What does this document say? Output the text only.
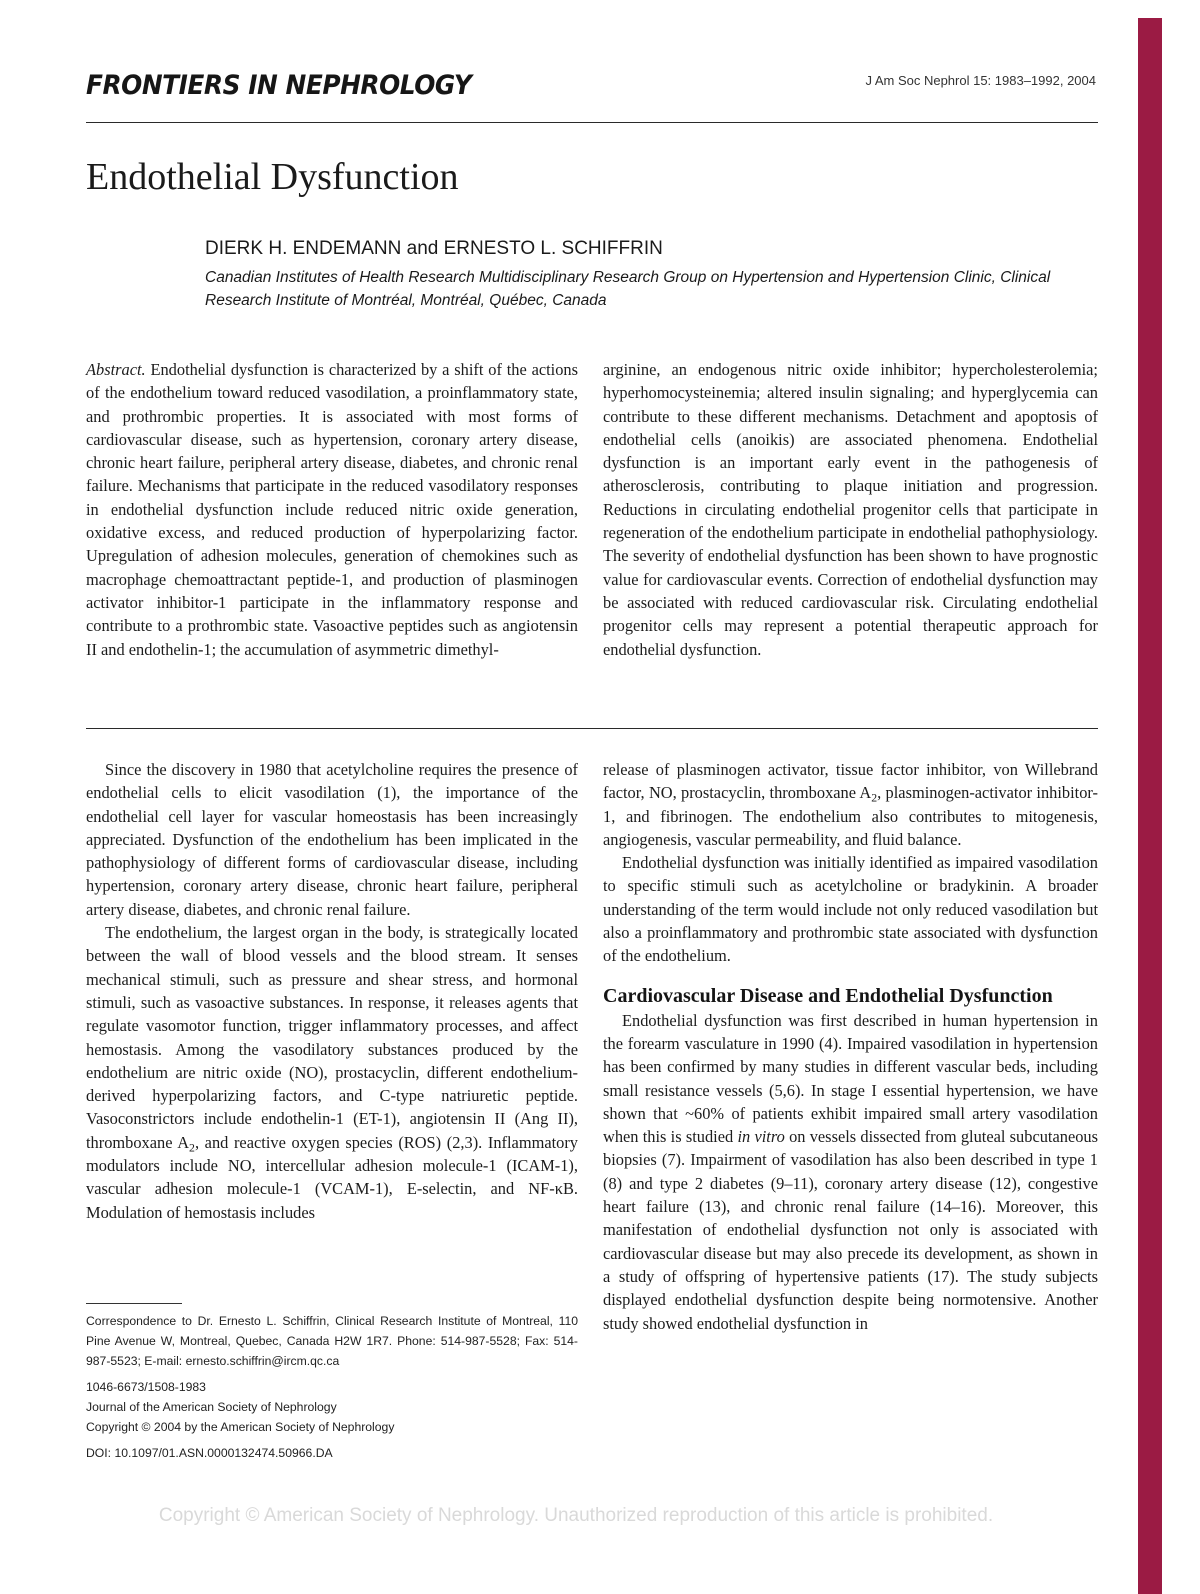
FRONTIERS IN NEPHROLOGY	J Am Soc Nephrol 15: 1983–1992, 2004
Endothelial Dysfunction
DIERK H. ENDEMANN and ERNESTO L. SCHIFFRIN
Canadian Institutes of Health Research Multidisciplinary Research Group on Hypertension and Hypertension Clinic, Clinical Research Institute of Montréal, Montréal, Québec, Canada

Abstract. Endothelial dysfunction is characterized by a shift of the actions of the endothelium toward reduced vasodilation, a proinflammatory state, and prothrombic properties. It is associated with most forms of cardiovascular disease, such as hypertension, coronary artery disease, chronic heart failure, peripheral artery disease, diabetes, and chronic renal failure. Mechanisms that participate in the reduced vasodilatory responses in endothelial dysfunction include reduced nitric oxide generation, oxidative excess, and reduced production of hyperpolarizing factor. Upregulation of adhesion molecules, generation of chemokines such as macrophage chemoattractant peptide-1, and production of plasminogen activator inhibitor-1 participate in the inflammatory response and contribute to a prothrombic state. Vasoactive peptides such as angiotensin II and endothelin-1; the accumulation of asymmetric dimethyl-

arginine, an endogenous nitric oxide inhibitor; hypercholesterolemia; hyperhomocysteinemia; altered insulin signaling; and hyperglycemia can contribute to these different mechanisms. Detachment and apoptosis of endothelial cells (anoikis) are associated phenomena. Endothelial dysfunction is an important early event in the pathogenesis of atherosclerosis, contributing to plaque initiation and progression. Reductions in circulating endothelial progenitor cells that participate in regeneration of the endothelium participate in endothelial pathophysiology. The severity of endothelial dysfunction has been shown to have prognostic value for cardiovascular events. Correction of endothelial dysfunction may be associated with reduced cardiovascular risk. Circulating endothelial progenitor cells may represent a potential therapeutic approach for endothelial dysfunction.

Since the discovery in 1980 that acetylcholine requires the presence of endothelial cells to elicit vasodilation (1), the importance of the endothelial cell layer for vascular homeostasis has been increasingly appreciated. Dysfunction of the endothelium has been implicated in the pathophysiology of different forms of cardiovascular disease, including hypertension, coronary artery disease, chronic heart failure, peripheral artery disease, diabetes, and chronic renal failure.

The endothelium, the largest organ in the body, is strategically located between the wall of blood vessels and the blood stream. It senses mechanical stimuli, such as pressure and shear stress, and hormonal stimuli, such as vasoactive substances. In response, it releases agents that regulate vasomotor function, trigger inflammatory processes, and affect hemostasis. Among the vasodilatory substances produced by the endothelium are nitric oxide (NO), prostacyclin, different endothelium-derived hyperpolarizing factors, and C-type natriuretic peptide. Vasoconstrictors include endothelin-1 (ET-1), angiotensin II (Ang II), thromboxane $A_2$, and reactive oxygen species (ROS) (2,3). Inflammatory modulators include NO, intercellular adhesion molecule-1 (ICAM-1), vascular adhesion molecule-1 (VCAM-1), E-selectin, and NF-κB. Modulation of hemostasis includes

release of plasminogen activator, tissue factor inhibitor, von Willebrand factor, NO, prostacyclin, thromboxane $A_2$, plasminogen-activator inhibitor-1, and fibrinogen. The endothelium also contributes to mitogenesis, angiogenesis, vascular permeability, and fluid balance.

Endothelial dysfunction was initially identified as impaired vasodilation to specific stimuli such as acetylcholine or bradykinin. A broader understanding of the term would include not only reduced vasodilation but also a proinflammatory and prothrombic state associated with dysfunction of the endothelium.

Cardiovascular Disease and Endothelial Dysfunction

Endothelial dysfunction was first described in human hypertension in the forearm vasculature in 1990 (4). Impaired vasodilation in hypertension has been confirmed by many studies in different vascular beds, including small resistance vessels (5,6). In stage I essential hypertension, we have shown that ~60% of patients exhibit impaired small artery vasodilation when this is studied in vitro on vessels dissected from gluteal subcutaneous biopsies (7). Impairment of vasodilation has also been described in type 1 (8) and type 2 diabetes (9–11), coronary artery disease (12), congestive heart failure (13), and chronic renal failure (14–16). Moreover, this manifestation of endothelial dysfunction not only is associated with cardiovascular disease but may also precede its development, as shown in a study of offspring of hypertensive patients (17). The study subjects displayed endothelial dysfunction despite being normotensive. Another study showed endothelial dysfunction in

Correspondence to Dr. Ernesto L. Schiffrin, Clinical Research Institute of Montreal, 110 Pine Avenue W, Montreal, Quebec, Canada H2W 1R7. Phone: 514-987-5528; Fax: 514-987-5523; E-mail: ernesto.schiffrin@ircm.qc.ca

1046-6673/1508-1983

Journal of the American Society of Nephrology

Copyright © 2004 by the American Society of Nephrology

DOI: 10.1097/01.ASN.0000132474.50966.DA

Copyright © American Society of Nephrology. Unauthorized reproduction of this article is prohibited.
